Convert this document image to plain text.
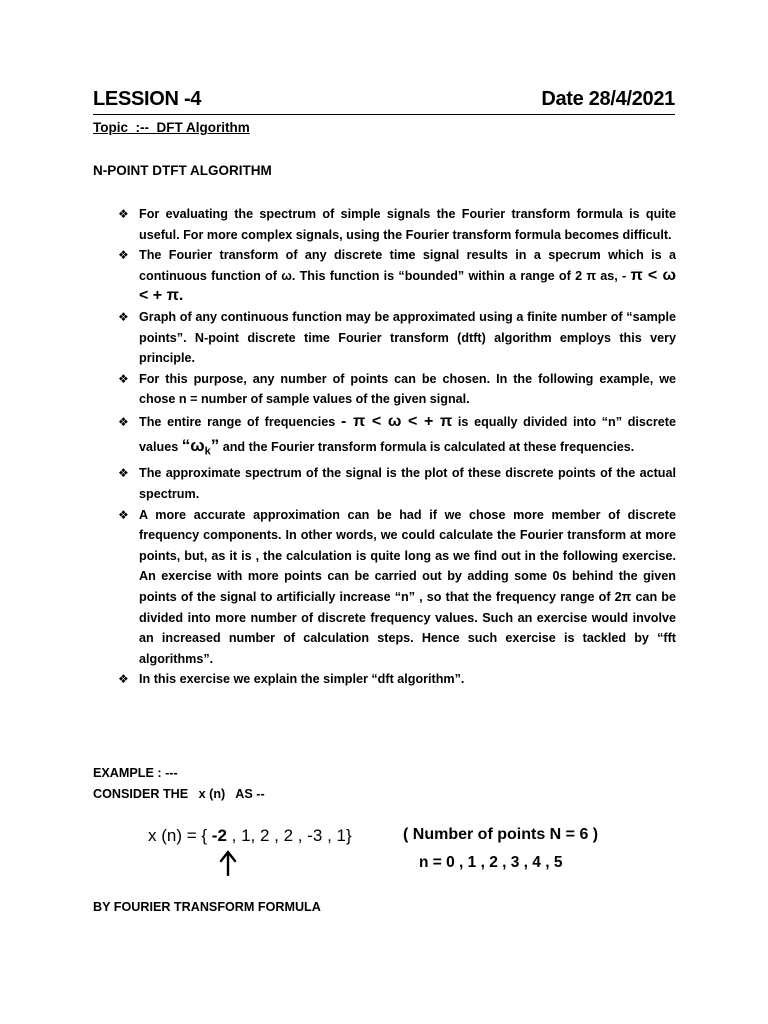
LESSION -4	Date 28/4/2021
Topic  :--  DFT Algorithm
N-POINT DTFT ALGORITHM

❖ For evaluating the spectrum of simple signals the Fourier transform formula is quite useful. For more complex signals, using the Fourier transform formula becomes difficult.

❖ The Fourier transform of any discrete time signal results in a specrum which is a continuous function of ω. This function is “bounded” within a range of 2 π as, - π < ω < + π.

❖ Graph of any continuous function may be approximated using a finite number of “sample points”. N-point discrete time Fourier transform (dtft) algorithm employs this very principle.

❖ For this purpose, any number of points can be chosen. In the following example, we chose n = number of sample values of the given signal.

❖ The entire range of frequencies - π < ω < + π is equally divided into “n” discrete values “$\omega_k$” and the Fourier transform formula is calculated at these frequencies.

❖ The approximate spectrum of the signal is the plot of these discrete points of the actual spectrum.

❖ A more accurate approximation can be had if we chose more member of discrete frequency components. In other words, we could calculate the Fourier transform at more points, but, as it is , the calculation is quite long as we find out in the following exercise. An exercise with more points can be carried out by adding some 0s behind the given points of the signal to artificially increase “n” , so that the frequency range of 2π can be divided into more number of discrete frequency values. Such an exercise would involve an increased number of calculation steps. Hence such exercise is tackled by “fft algorithms”.

❖ In this exercise we explain the simpler “dft algorithm”.

EXAMPLE : ---
CONSIDER THE   x (n)   AS --
x (n) = { -2 , 1, 2 , 2 , -3 , 1}	( Number of points N = 6 )
n = 0 , 1 , 2 , 3 , 4 , 5
BY FOURIER TRANSFORM FORMULA
